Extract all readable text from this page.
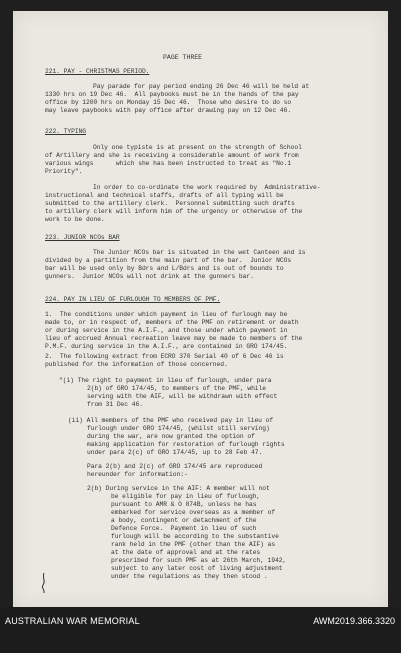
PAGE THREE
221. PAY - CHRISTMAS PERIOD.
Pay parade for pay period ending 26 Dec 46 will be held at
1330 hrs on 19 Dec 46.  All paybooks must be in the hands of the pay
office by 1200 hrs on Monday 15 Dec 46.  Those who desire to do so
may leave paybooks with pay office after drawing pay on 12 Dec 46.
222. TYPING
Only one typiste is at present on the strength of School
of Artillery and she is receiving a considerable amount of work from
various wings      which she has been instructed to treat as "No.1
Priority".
In order to co-ordinate the work required by  Administrative-
instructional and technical staffs, drafts of all typing will be
submitted to the artillery clerk.  Personnel submitting such drafts
to artillery clerk will inform him of the urgency or otherwise of the
work to be done.
223. JUNIOR NCOs BAR
The Junior NCOs bar is situated in the wet Canteen and is
divided by a partition from the main part of the bar.  Junior NCOs
bar will be used only by Bdrs and L/Bdrs and is out of bounds to
gunners.  Junior NCOs will not drink at the gunners bar.
224. PAY IN LIEU OF FURLOUGH TO MEMBERS OF PMF.
1.  The conditions under which payment in lieu of furlough may be
made to, or in respect of, members of the PMF on retirement or death
or during service in the A.I.F., and those under which payment in
lieu of accrued Annual recreation leave may be made to members of the
P.M.F. during service in the A.I.F., are contained in GRO 174/45.
2.  The following extract from ECRO 370 Serial 40 of 6 Dec 46 is
published for the information of those concerned.
"(i) The right to payment in lieu of furlough, under para
2(b) of GRO 174/45, to members of the PMF, while
serving with the AIF, will be withdrawn with effect
from 31 Dec 46.
(ii) All members of the PMF who received pay in lieu of
furlough under GRO 174/45, (whilst still serving)
during the war, are now granted the option of
making application for restoration of furlough rights
under para 2(c) of GRO 174/45, up to 28 Feb 47.
Para 2(b) and 2(c) of GRO 174/45 are reproduced
hereunder for information:-
2(b) During service in the AIF: A member will not
be eligible for pay in lieu of furlough,
pursuant to AMR & O 874B, unless he has
embarked for service overseas as a member of
a body, contingent or detachment of the
Defence Force.  Payment in lieu of such
furlough will be according to the substantive
rank held in the PMF (other than the AIF) as
at the date of approval and at the rates
prescribed for such PMF as at 26th March, 1942,
subject to any later cost of living adjustment
under the regulations as they then stood .
AUSTRALIAN WAR MEMORIAL	AWM2019.366.3320
